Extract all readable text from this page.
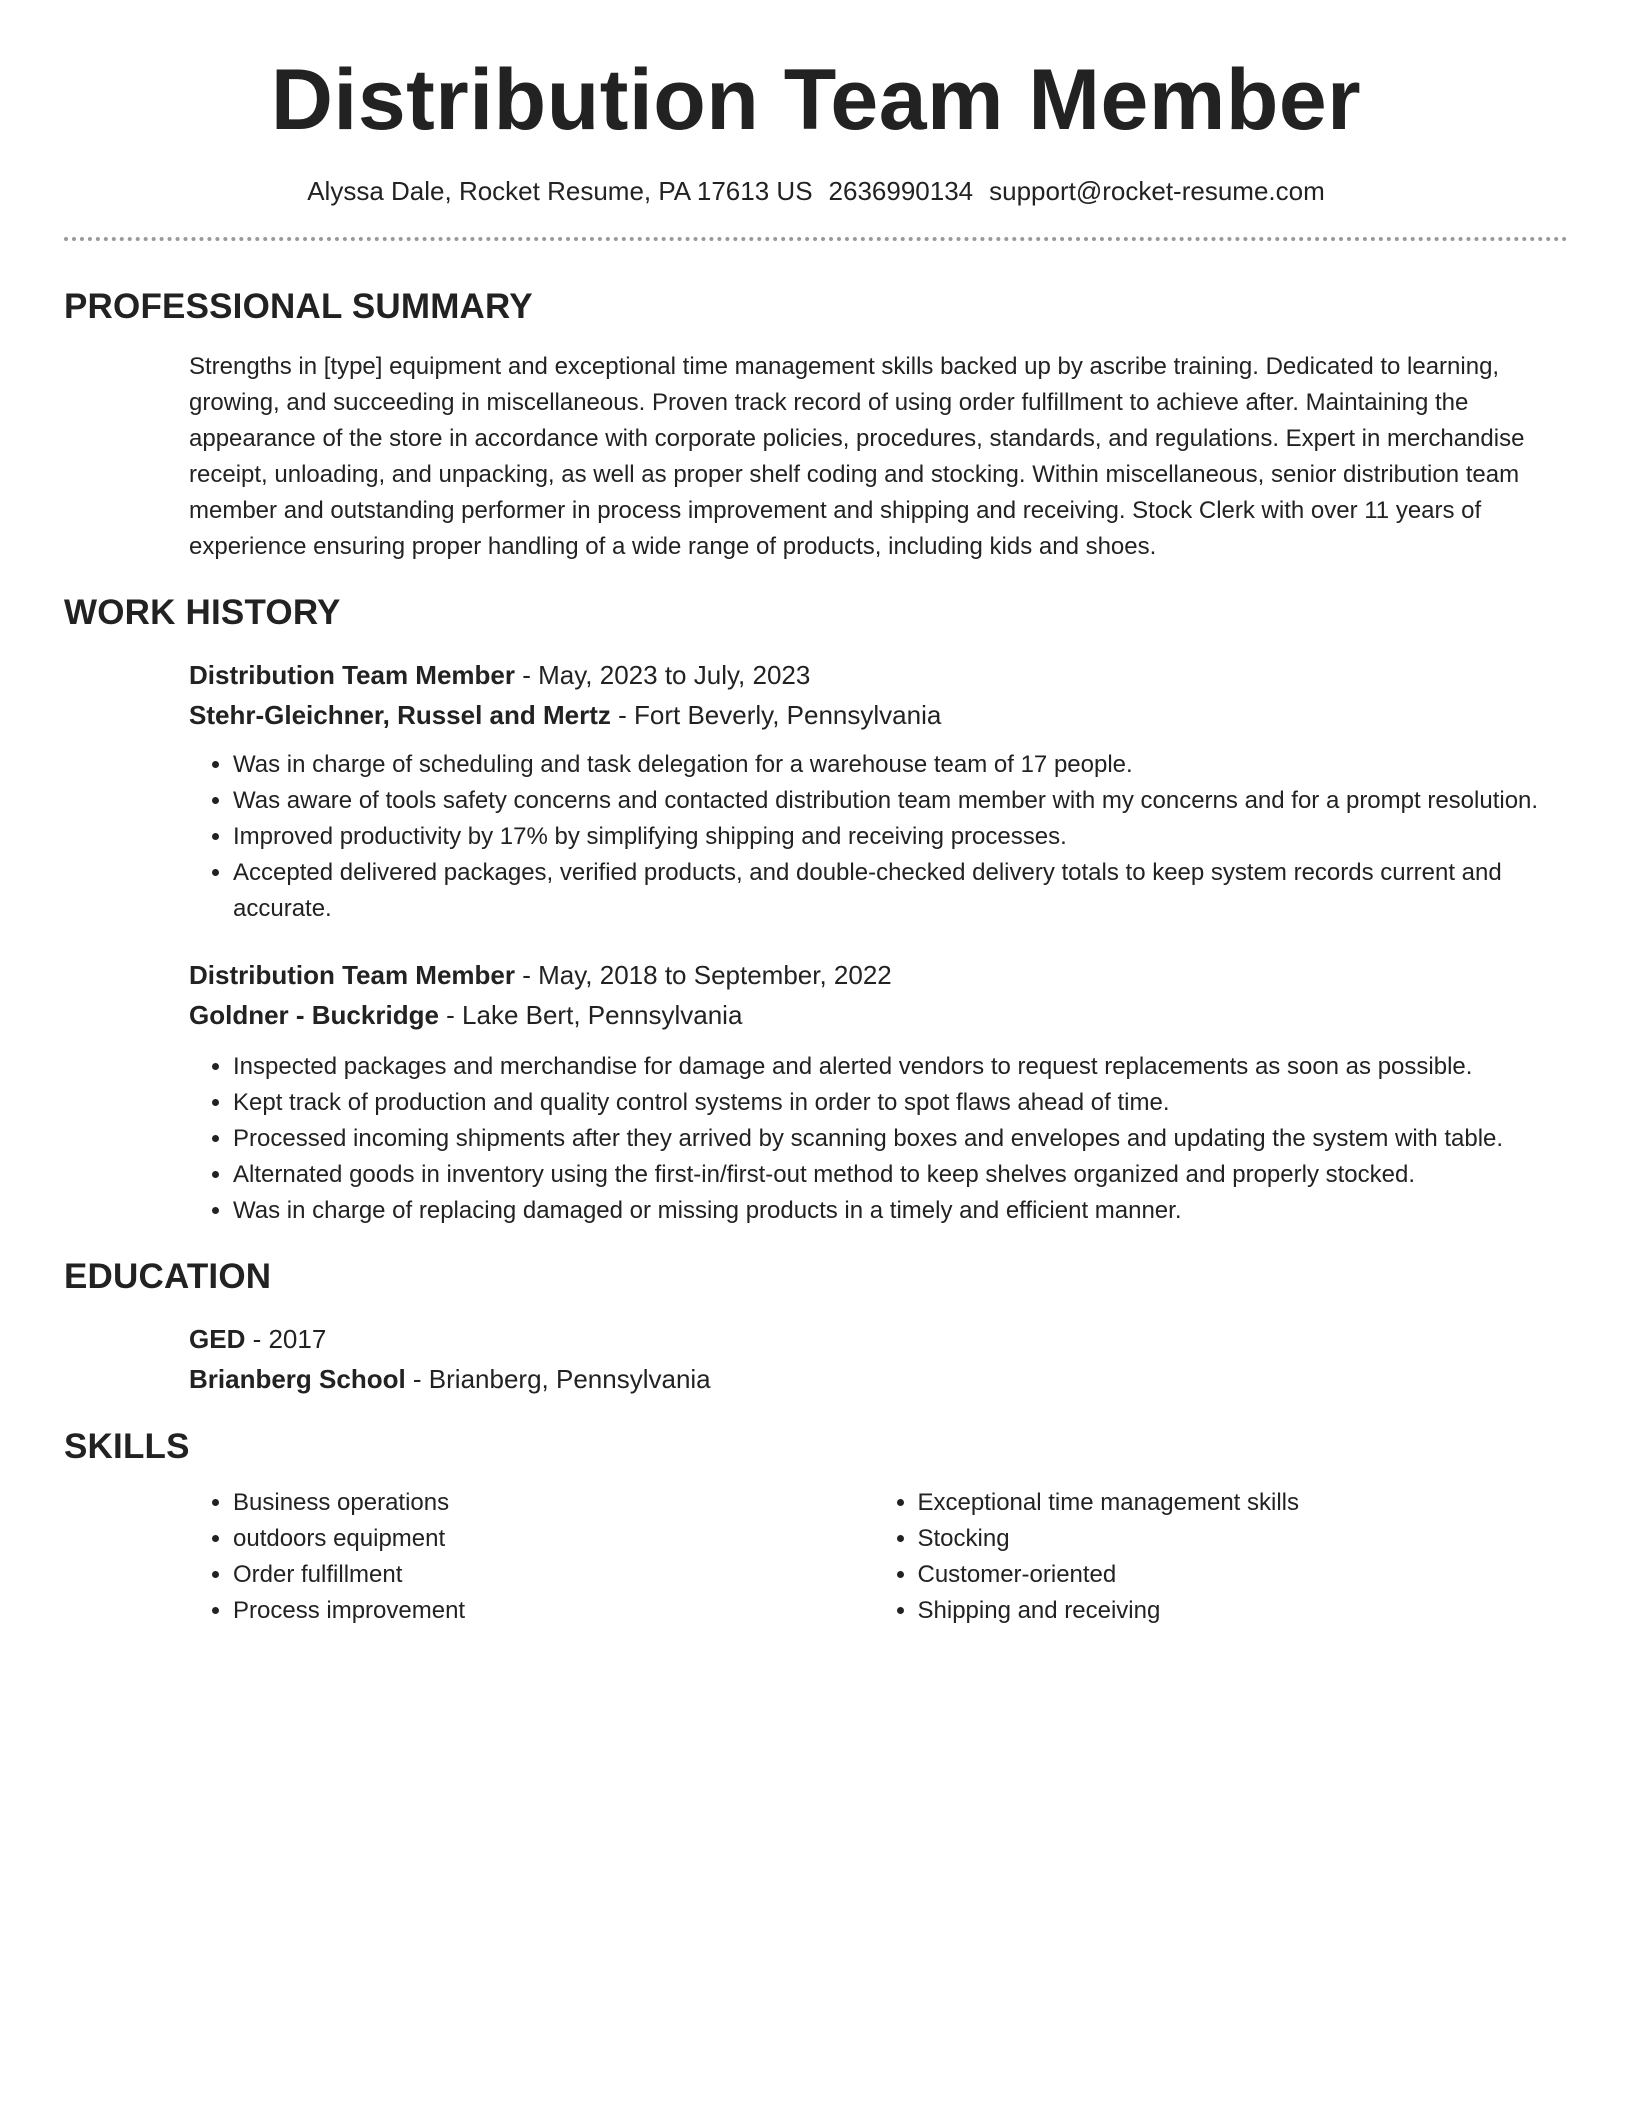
Distribution Team Member
Alyssa Dale, Rocket Resume, PA 17613 US 2636990134 support@rocket-resume.com
PROFESSIONAL SUMMARY

Strengths in [type] equipment and exceptional time management skills backed up by ascribe training. Dedicated to learning, growing, and succeeding in miscellaneous. Proven track record of using order fulfillment to achieve after. Maintaining the appearance of the store in accordance with corporate policies, procedures, standards, and regulations. Expert in merchandise receipt, unloading, and unpacking, as well as proper shelf coding and stocking. Within miscellaneous, senior distribution team member and outstanding performer in process improvement and shipping and receiving. Stock Clerk with over 11 years of experience ensuring proper handling of a wide range of products, including kids and shoes.

WORK HISTORY

Distribution Team Member - May, 2023 to July, 2023

Stehr-Gleichner, Russel and Mertz - Fort Beverly, Pennsylvania

• Was in charge of scheduling and task delegation for a warehouse team of 17 people.
• Was aware of tools safety concerns and contacted distribution team member with my concerns and for a prompt resolution.
• Improved productivity by 17% by simplifying shipping and receiving processes.
• Accepted delivered packages, verified products, and double-checked delivery totals to keep system records current and accurate.

Distribution Team Member - May, 2018 to September, 2022

Goldner - Buckridge - Lake Bert, Pennsylvania

• Inspected packages and merchandise for damage and alerted vendors to request replacements as soon as possible.
• Kept track of production and quality control systems in order to spot flaws ahead of time.
• Processed incoming shipments after they arrived by scanning boxes and envelopes and updating the system with table.
• Alternated goods in inventory using the first-in/first-out method to keep shelves organized and properly stocked.
• Was in charge of replacing damaged or missing products in a timely and efficient manner.
EDUCATION

GED - 2017

Brianberg School - Brianberg, Pennsylvania

SKILLS
• Business operations
• outdoors equipment
• Order fulfillment
• Process improvement
• Exceptional time management skills
• Stocking
• Customer-oriented
• Shipping and receiving
